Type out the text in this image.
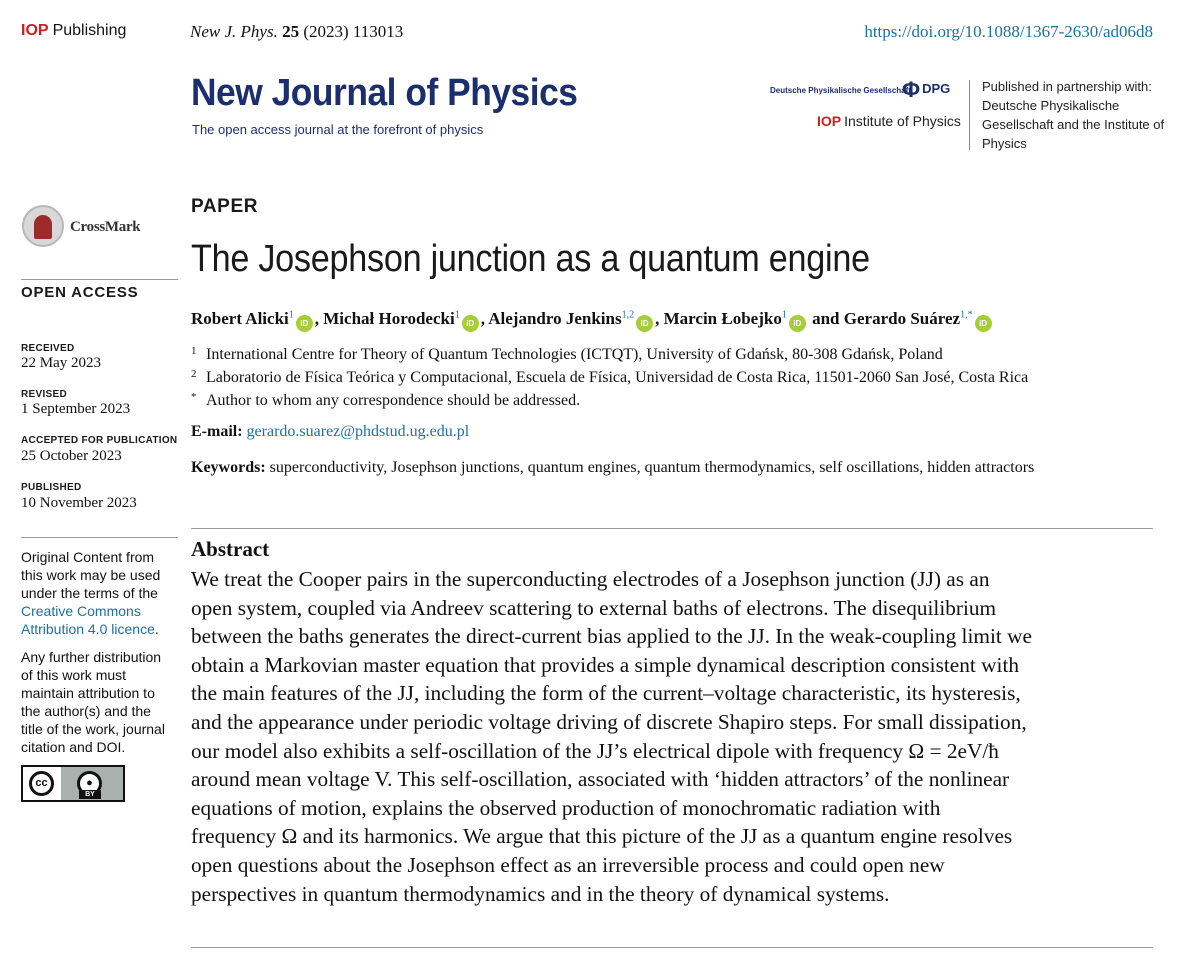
IOP Publishing	New J. Phys. 25 (2023) 113013	https://doi.org/10.1088/1367-2630/ad06d8
New Journal of Physics
The open access journal at the forefront of physics
Deutsche Physikalische Gesellschaft
ΦDPG
IOP Institute of Physics
Published in partnership with: Deutsche Physikalische Gesellschaft and the Institute of Physics
CrossMark
OPEN ACCESS
RECEIVED
22 May 2023
REVISED
1 September 2023
ACCEPTED FOR PUBLICATION
25 October 2023
PUBLISHED
10 November 2023

Original Content from this work may be used under the terms of the Creative Commons Attribution 4.0 licence.

Any further distribution of this work must maintain attribution to the author(s) and the title of the work, journal citation and DOI.

cc	●
BY
PAPER
The Josephson junction as a quantum engine
Robert Alicki$^1$iD , Michał Horodecki$^1$iD , Alejandro Jenkins$^{1,2}$iD , Marcin Łobejko$^1$iD and Gerardo Suárez$^{1,*}$iD
1 International Centre for Theory of Quantum Technologies (ICTQT), University of Gdańsk, 80-308 Gdańsk, Poland
2 Laboratorio de Física Teórica y Computacional, Escuela de Física, Universidad de Costa Rica, 11501-2060 San José, Costa Rica
* Author to whom any correspondence should be addressed.
E-mail: gerardo.suarez@phdstud.ug.edu.pl
Keywords: superconductivity, Josephson junctions, quantum engines, quantum thermodynamics, self oscillations, hidden attractors
Abstract
We treat the Cooper pairs in the superconducting electrodes of a Josephson junction (JJ) as an
open system, coupled via Andreev scattering to external baths of electrons. The disequilibrium
between the baths generates the direct-current bias applied to the JJ. In the weak-coupling limit we
obtain a Markovian master equation that provides a simple dynamical description consistent with
the main features of the JJ, including the form of the current–voltage characteristic, its hysteresis,
and the appearance under periodic voltage driving of discrete Shapiro steps. For small dissipation,
our model also exhibits a self-oscillation of the JJ’s electrical dipole with frequency Ω = 2eV/ħ
around mean voltage V. This self-oscillation, associated with ‘hidden attractors’ of the nonlinear
equations of motion, explains the observed production of monochromatic radiation with
frequency Ω and its harmonics. We argue that this picture of the JJ as a quantum engine resolves
open questions about the Josephson effect as an irreversible process and could open new
perspectives in quantum thermodynamics and in the theory of dynamical systems.
